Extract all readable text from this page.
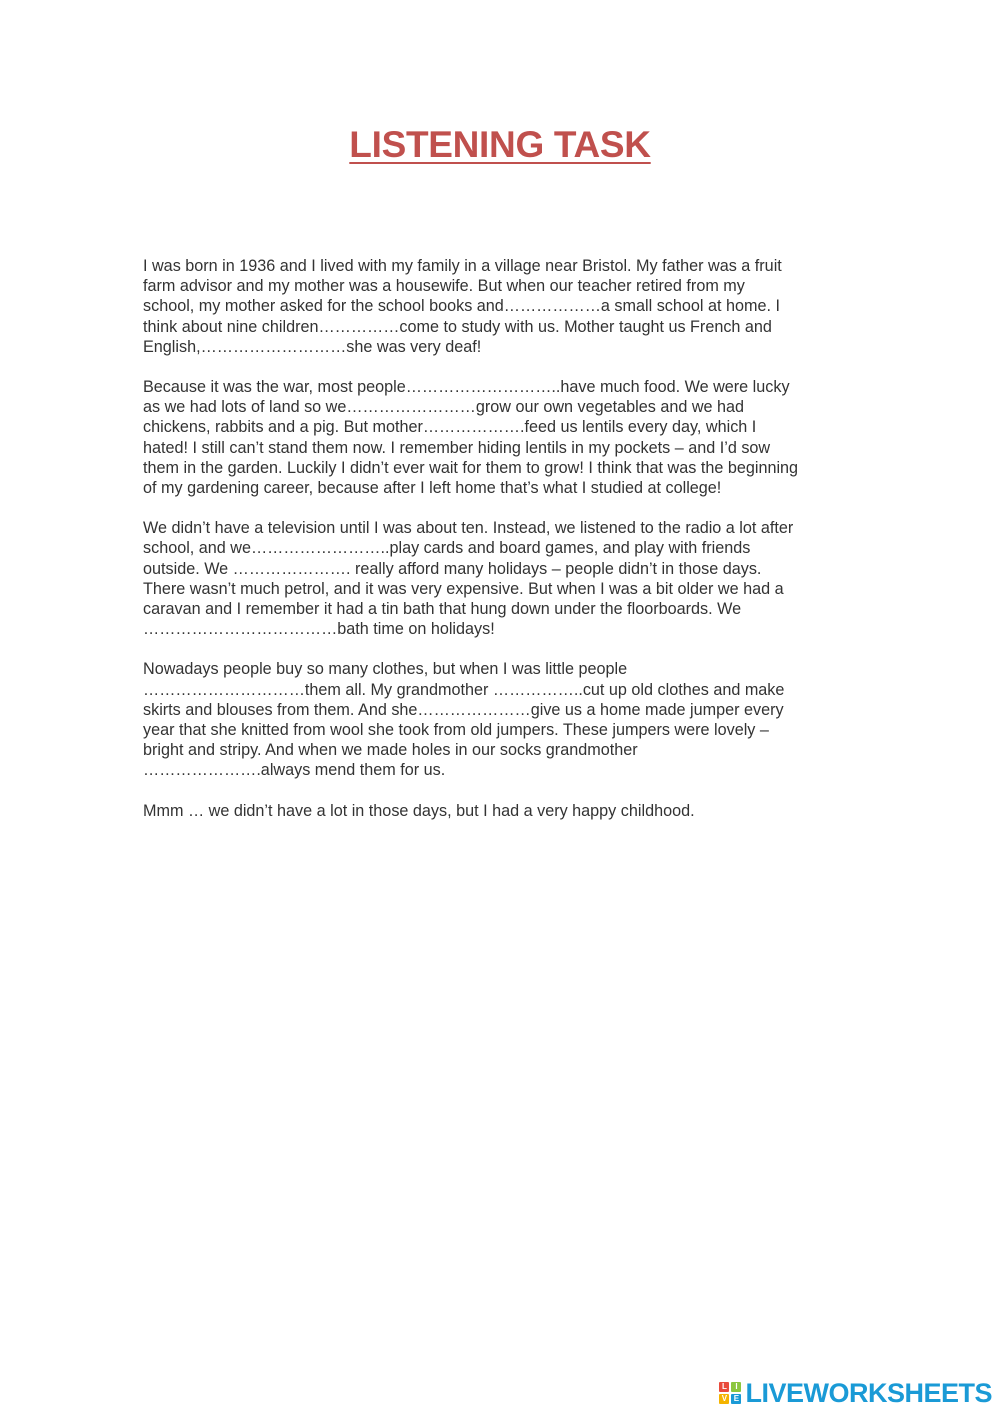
LISTENING TASK

I was born in 1936 and I lived with my family in a village near Bristol. My father was a fruit
farm advisor and my mother was a housewife. But when our teacher retired from my
school, my mother asked for the school books and………………a small school at home. I
think about nine children……………come to study with us. Mother taught us French and
English,………………………she was very deaf!

Because it was the war, most people………………………..have much food. We were lucky
as we had lots of land so we……………………grow our own vegetables and we had
chickens, rabbits and a pig. But mother……………….feed us lentils every day, which I
hated! I still can’t stand them now. I remember hiding lentils in my pockets – and I’d sow
them in the garden. Luckily I didn’t ever wait for them to grow! I think that was the beginning
of my gardening career, because after I left home that’s what I studied at college!

We didn’t have a television until I was about ten. Instead, we listened to the radio a lot after
school, and we……………………..play cards and board games, and play with friends
outside. We …………………. really afford many holidays – people didn’t in those days.
There wasn’t much petrol, and it was very expensive. But when I was a bit older we had a
caravan and I remember it had a tin bath that hung down under the floorboards. We
………………………………bath time on holidays!

Nowadays people buy so many clothes, but when I was little people
…………………………them all. My grandmother ……………..cut up old clothes and make
skirts and blouses from them. And she…………………give us a home made jumper every
year that she knitted from wool she took from old jumpers. These jumpers were lovely –
bright and stripy. And when we made holes in our socks grandmother
………………….always mend them for us.

Mmm … we didn’t have a lot in those days, but I had a very happy childhood.

L	I
V E LIVEWORKSHEETS
